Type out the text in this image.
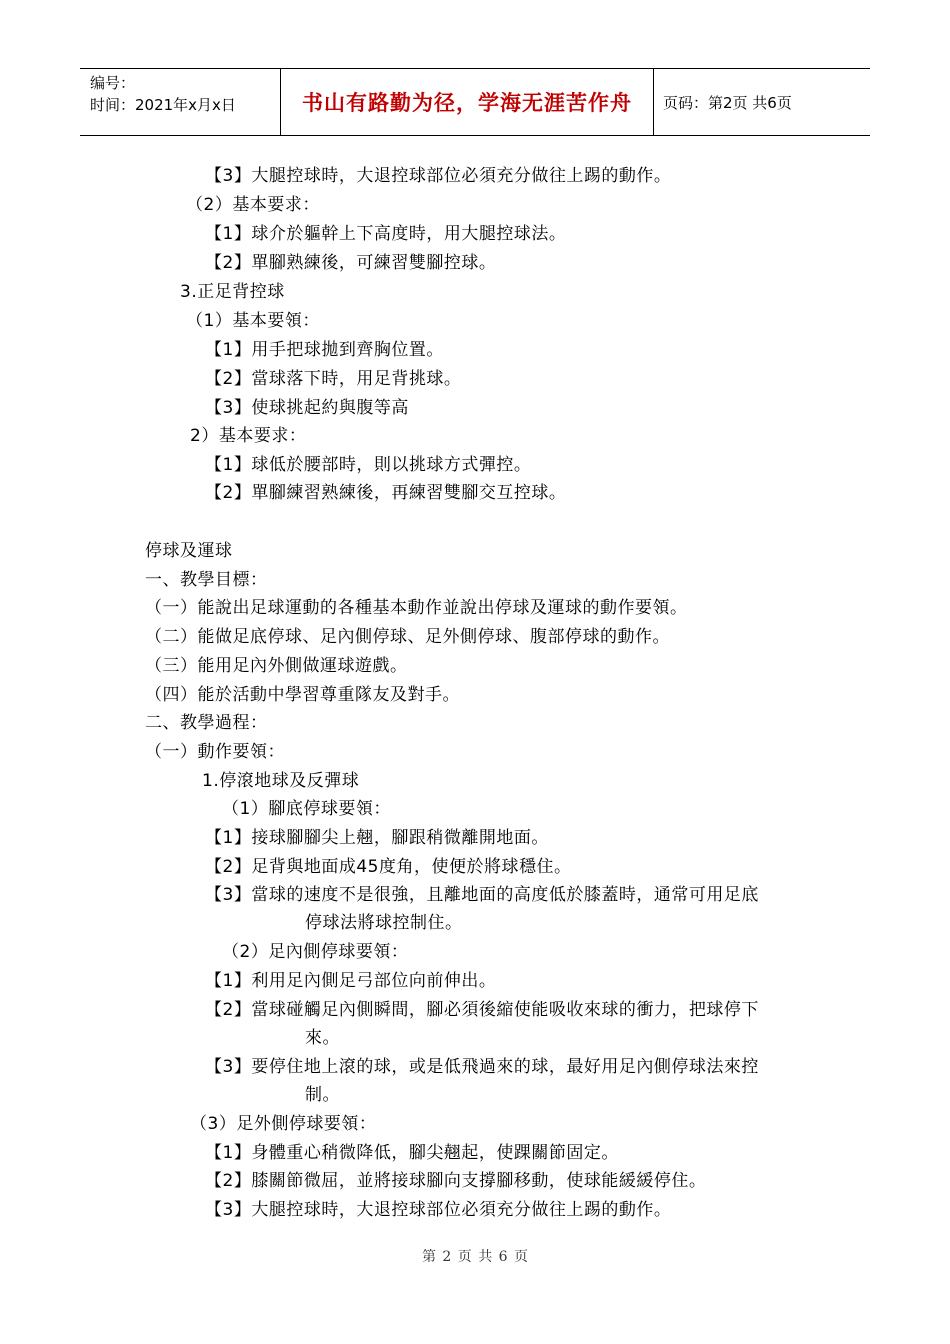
编号：
时间：2021年x月x日	书山有路勤为径，学海无涯苦作舟	页码：第2页 共6页
【3】大腿控球時，大退控球部位必須充分做往上踢的動作。
（2）基本要求：
【1】球介於軀幹上下高度時，用大腿控球法。
【2】單腳熟練後，可練習雙腳控球。
3.正足背控球
（1）基本要領：
【1】用手把球拋到齊胸位置。
【2】當球落下時，用足背挑球。
【3】使球挑起約與腹等高
2）基本要求：
【1】球低於腰部時，則以挑球方式彈控。
【2】單腳練習熟練後，再練習雙腳交互控球。
停球及運球
一、教學目標：
（一）能說出足球運動的各種基本動作並說出停球及運球的動作要領。
（二）能做足底停球、足內側停球、足外側停球、腹部停球的動作。
（三）能用足內外側做運球遊戲。
（四）能於活動中學習尊重隊友及對手。
二、教學過程：
（一）動作要領：
1.停滾地球及反彈球
（1）腳底停球要領：
【1】接球腳腳尖上翹，腳跟稍微離開地面。
【2】足背與地面成45度角，使便於將球穩住。
【3】當球的速度不是很強，且離地面的高度低於膝蓋時，通常可用足底
停球法將球控制住。
（2）足內側停球要領：
【1】利用足內側足弓部位向前伸出。
【2】當球碰觸足內側瞬間，腳必須後縮使能吸收來球的衝力，把球停下
來。
【3】要停住地上滾的球，或是低飛過來的球，最好用足內側停球法來控
制。
（3）足外側停球要領：
【1】身體重心稍微降低，腳尖翹起，使踝關節固定。
【2】膝關節微屈，並將接球腳向支撐腳移動，使球能緩緩停住。
【3】大腿控球時，大退控球部位必須充分做往上踢的動作。
第 2 页 共 6 页
